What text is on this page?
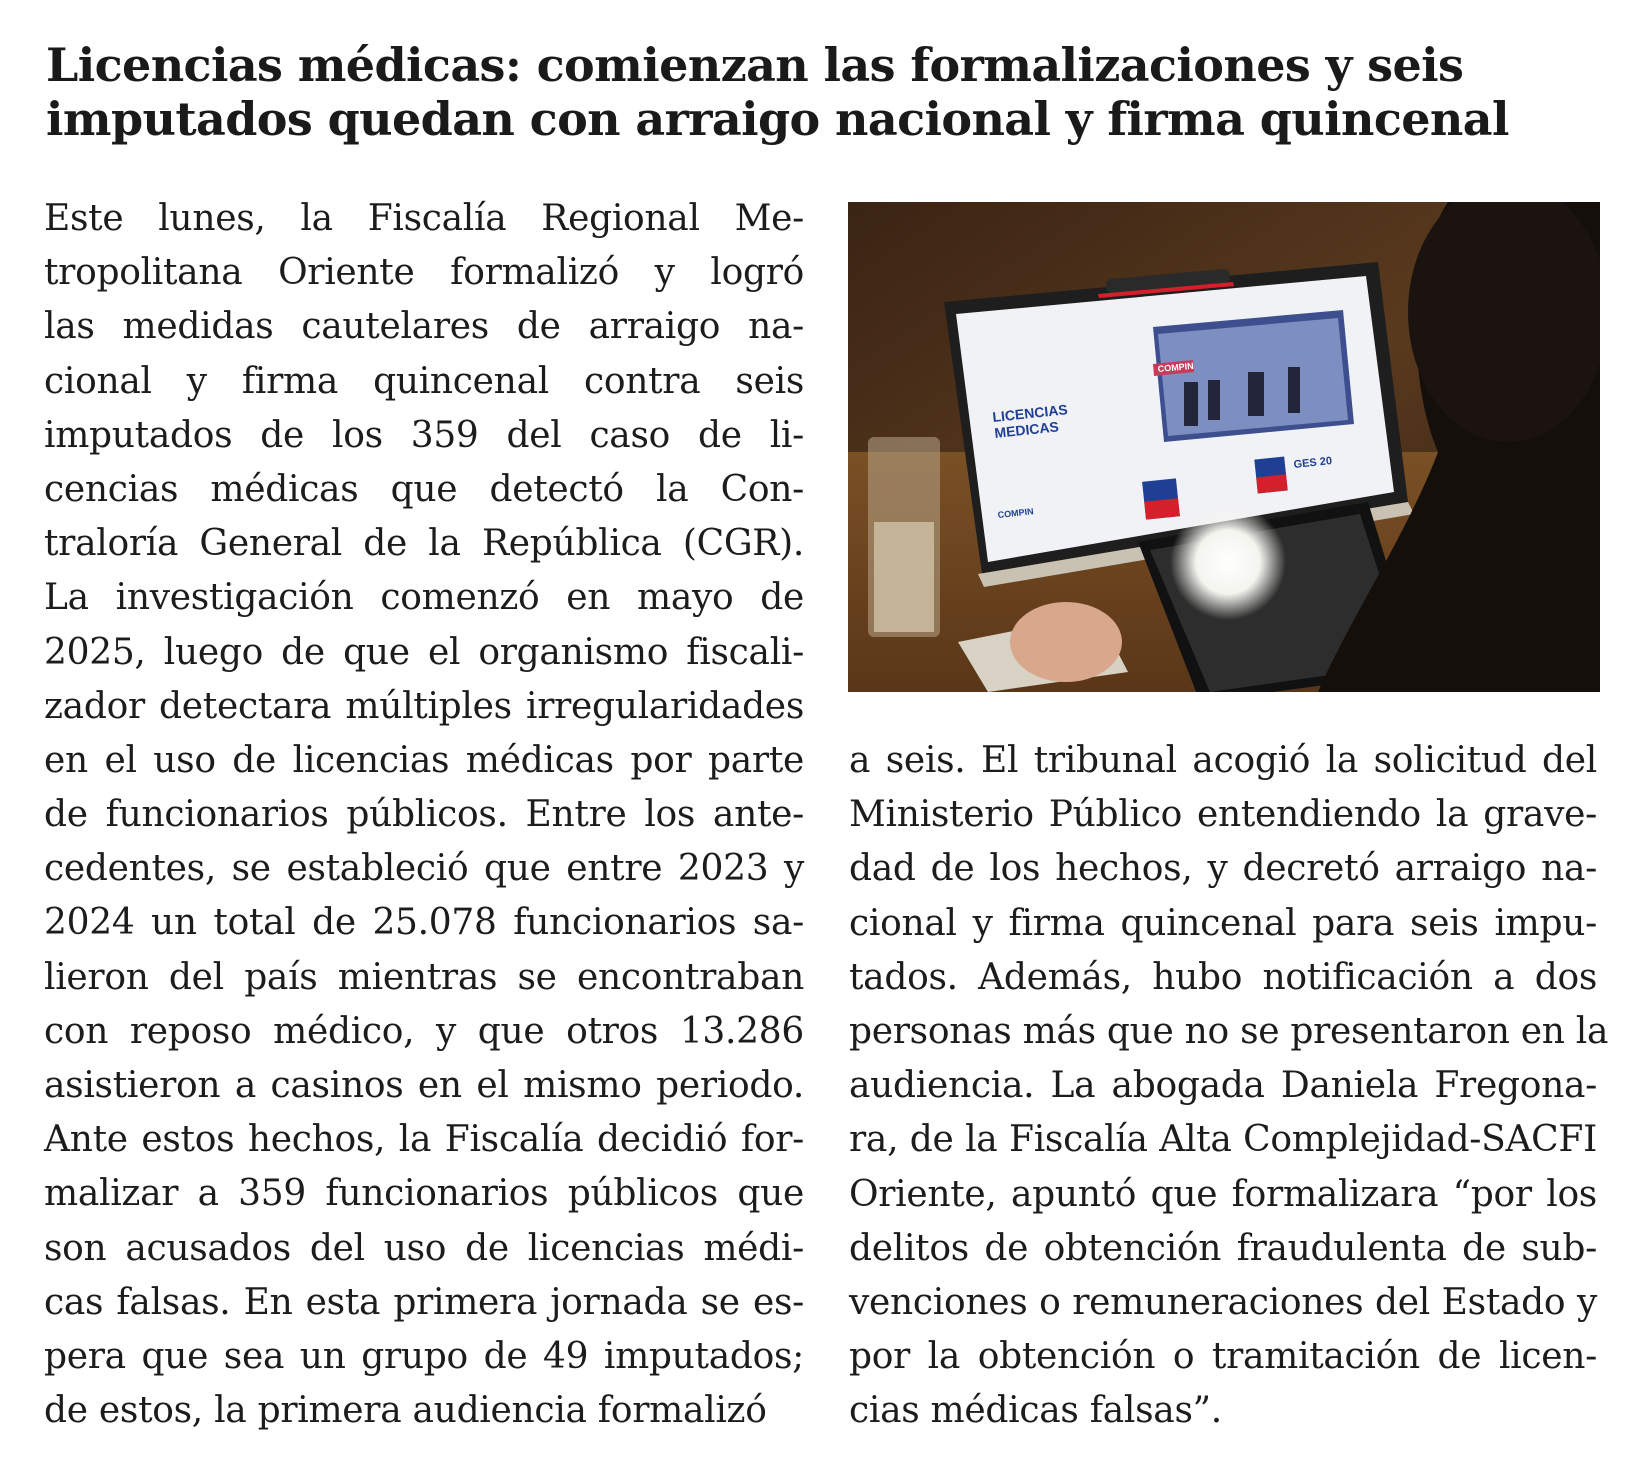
Licencias médicas: comienzan las formalizaciones y seis
imputados quedan con arraigo nacional y firma quincenal
Este lunes, la Fiscalía Regional Me-
tropolitana Oriente formalizó y logró
las medidas cautelares de arraigo na-
cional y firma quincenal contra seis
imputados de los 359 del caso de li-
cencias médicas que detectó la Con-
traloría General de la República (CGR).
La investigación comenzó en mayo de
2025, luego de que el organismo fiscali-
zador detectara múltiples irregularidades
en el uso de licencias médicas por parte
de funcionarios públicos. Entre los ante-
cedentes, se estableció que entre 2023 y
2024 un total de 25.078 funcionarios sa-
lieron del país mientras se encontraban
con reposo médico, y que otros 13.286
asistieron a casinos en el mismo periodo.
Ante estos hechos, la Fiscalía decidió for-
malizar a 359 funcionarios públicos que
son acusados del uso de licencias médi-
cas falsas. En esta primera jornada se es-
pera que sea un grupo de 49 imputados;
de estos, la primera audiencia formalizó
LICENCIAS
MEDICAS
COMPIN
GES 20
COMPIN
a seis. El tribunal acogió la solicitud del
Ministerio Público entendiendo la grave-
dad de los hechos, y decretó arraigo na-
cional y firma quincenal para seis impu-
tados. Además, hubo notificación a dos
personas más que no se presentaron en la
audiencia. La abogada Daniela Fregona-
ra, de la Fiscalía Alta Complejidad-SACFI
Oriente, apuntó que formalizara “por los
delitos de obtención fraudulenta de sub-
venciones o remuneraciones del Estado y
por la obtención o tramitación de licen-
cias médicas falsas”.
